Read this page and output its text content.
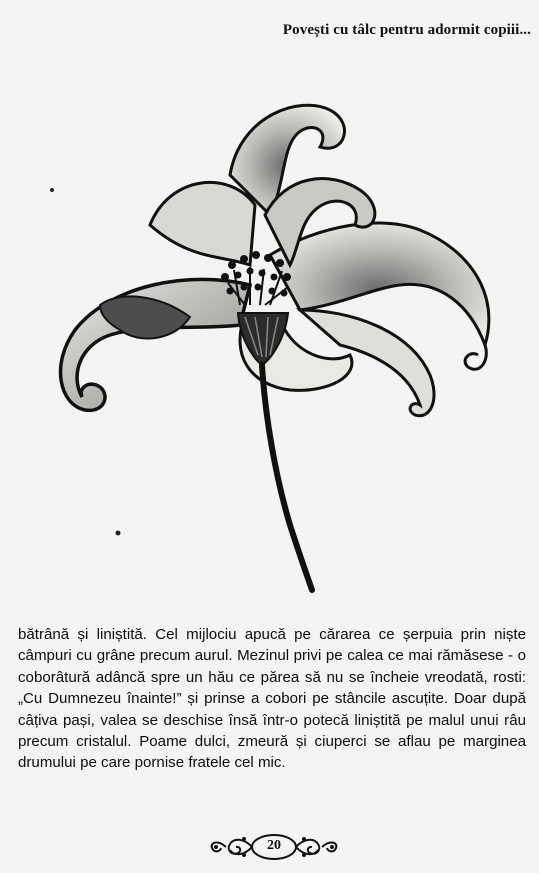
Povești cu tâlc pentru adormit copiii...
bătrână și liniștită. Cel mijlociu apucă pe cărarea ce șerpuia prin niște câmpuri cu grâne precum aurul. Mezinul privi pe calea ce mai rămăsese - o coborâtură adâncă spre un hău ce părea să nu se încheie vreodată, rosti: „Cu Dumnezeu înainte!” și prinse a cobori pe stâncile ascuțite. Doar după câțiva pași, valea se deschise însă într-o potecă liniștită pe malul unui râu precum cristalul. Poame dulci, zmeură și ciuperci se aflau pe marginea drumului pe care pornise fratele cel mic.
20
